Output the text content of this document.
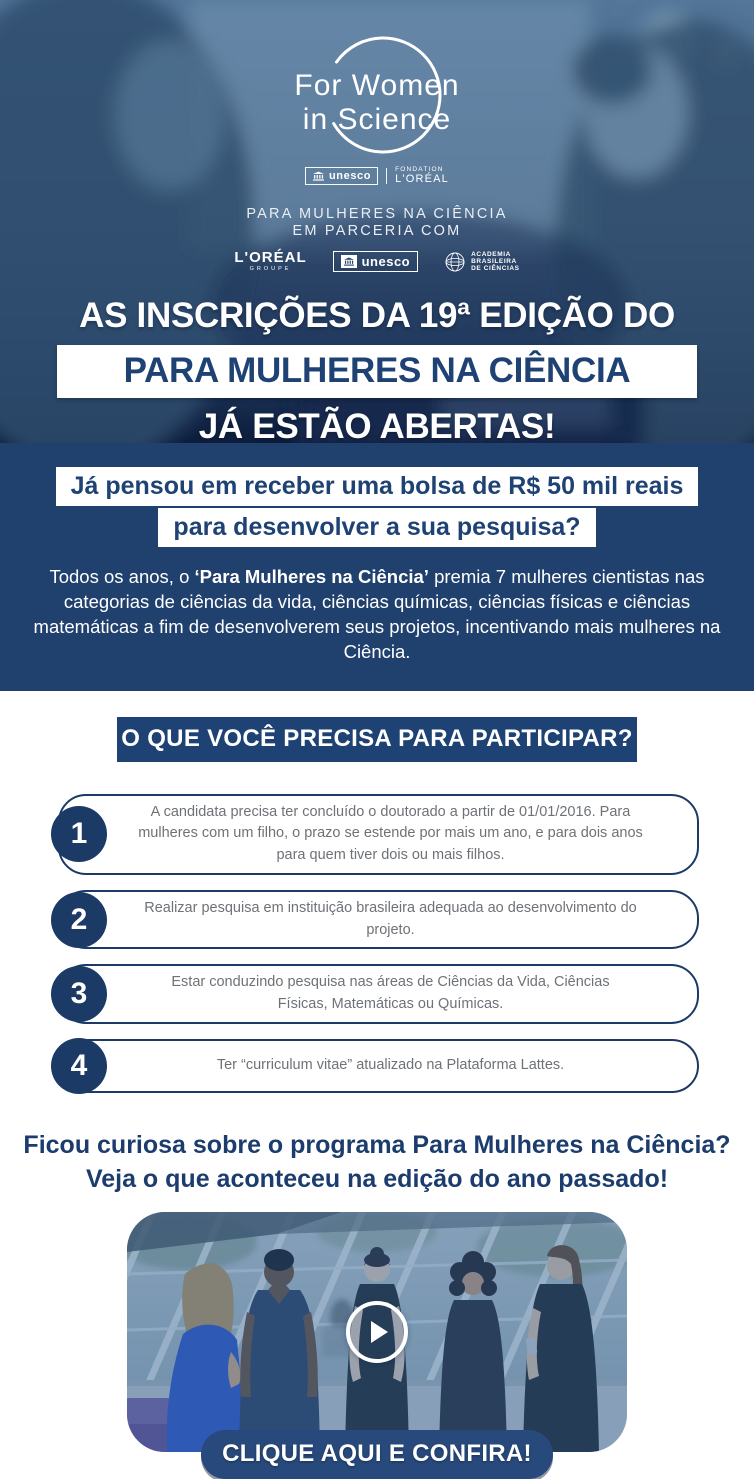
For Women
in Science
unesco
FONDATION
L'ORÉAL
PARA MULHERES NA CIÊNCIA
EM PARCERIA COM
L'ORÉAL
GROUPE
unesco
ACADEMIA
BRASILEIRA
DE CIÊNCIAS
AS INSCRIÇÕES DA 19ª EDIÇÃO DO
PARA MULHERES NA CIÊNCIA
JÁ ESTÃO ABERTAS!
Já pensou em receber uma bolsa de R$ 50 mil reais
para desenvolver a sua pesquisa?
Todos os anos, o ‘Para Mulheres na Ciência’ premia 7 mulheres cientistas nas categorias de ciências da vida, ciências químicas, ciências físicas e ciências matemáticas a fim de desenvolverem seus projetos, incentivando mais mulheres na Ciência.
O QUE VOCÊ PRECISA PARA PARTICIPAR?
1
A candidata precisa ter concluído o doutorado a partir de 01/01/2016. Para mulheres com um filho, o prazo se estende por mais um ano, e para dois anos para quem tiver dois ou mais filhos.
2	Realizar pesquisa em instituição brasileira adequada ao desenvolvimento do projeto.
3	Estar conduzindo pesquisa nas áreas de Ciências da Vida, Ciências Físicas, Matemáticas ou Químicas.
4	Ter “curriculum vitae” atualizado na Plataforma Lattes.
Ficou curiosa sobre o programa Para Mulheres na Ciência?
Veja o que aconteceu na edição do ano passado!
CLIQUE AQUI E CONFIRA!
